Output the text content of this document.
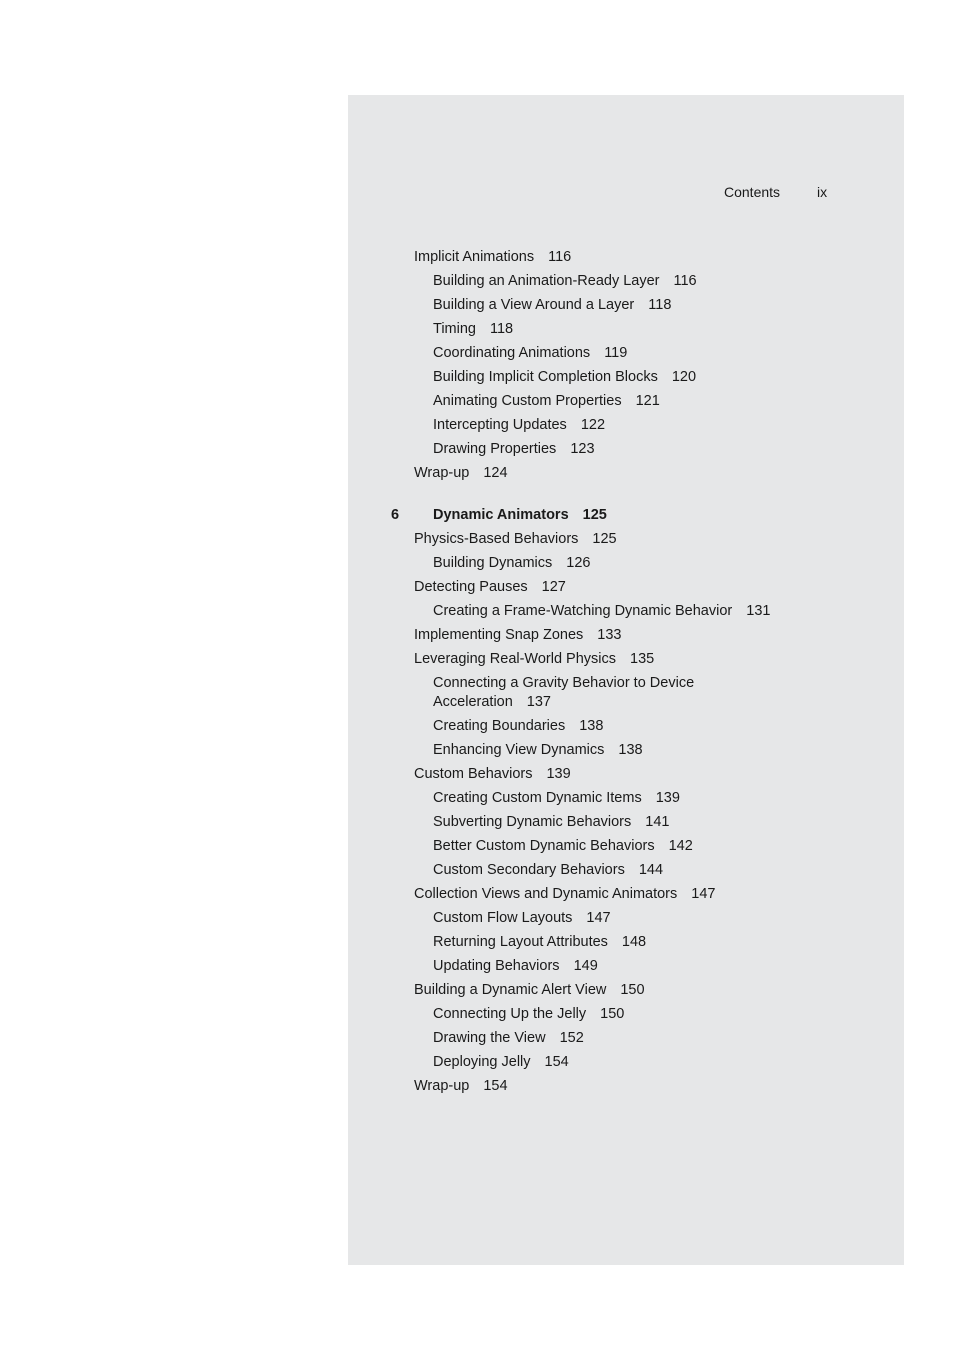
Contents	ix
6 Dynamic Animators 125
Implicit Animations 116
Building an Animation-Ready Layer 116
Building a View Around a Layer 118
Timing 118
Coordinating Animations 119
Building Implicit Completion Blocks 120
Animating Custom Properties 121
Intercepting Updates 122
Drawing Properties 123
Wrap-up 124
Physics-Based Behaviors 125
Building Dynamics 126
Detecting Pauses 127
Creating a Frame-Watching Dynamic Behavior 131
Implementing Snap Zones 133
Leveraging Real-World Physics 135
Connecting a Gravity Behavior to Device Acceleration 137
Creating Boundaries 138
Enhancing View Dynamics 138
Custom Behaviors 139
Creating Custom Dynamic Items 139
Subverting Dynamic Behaviors 141
Better Custom Dynamic Behaviors 142
Custom Secondary Behaviors 144
Collection Views and Dynamic Animators 147
Custom Flow Layouts 147
Returning Layout Attributes 148
Updating Behaviors 149
Building a Dynamic Alert View 150
Connecting Up the Jelly 150
Drawing the View 152
Deploying Jelly 154
Wrap-up 154
